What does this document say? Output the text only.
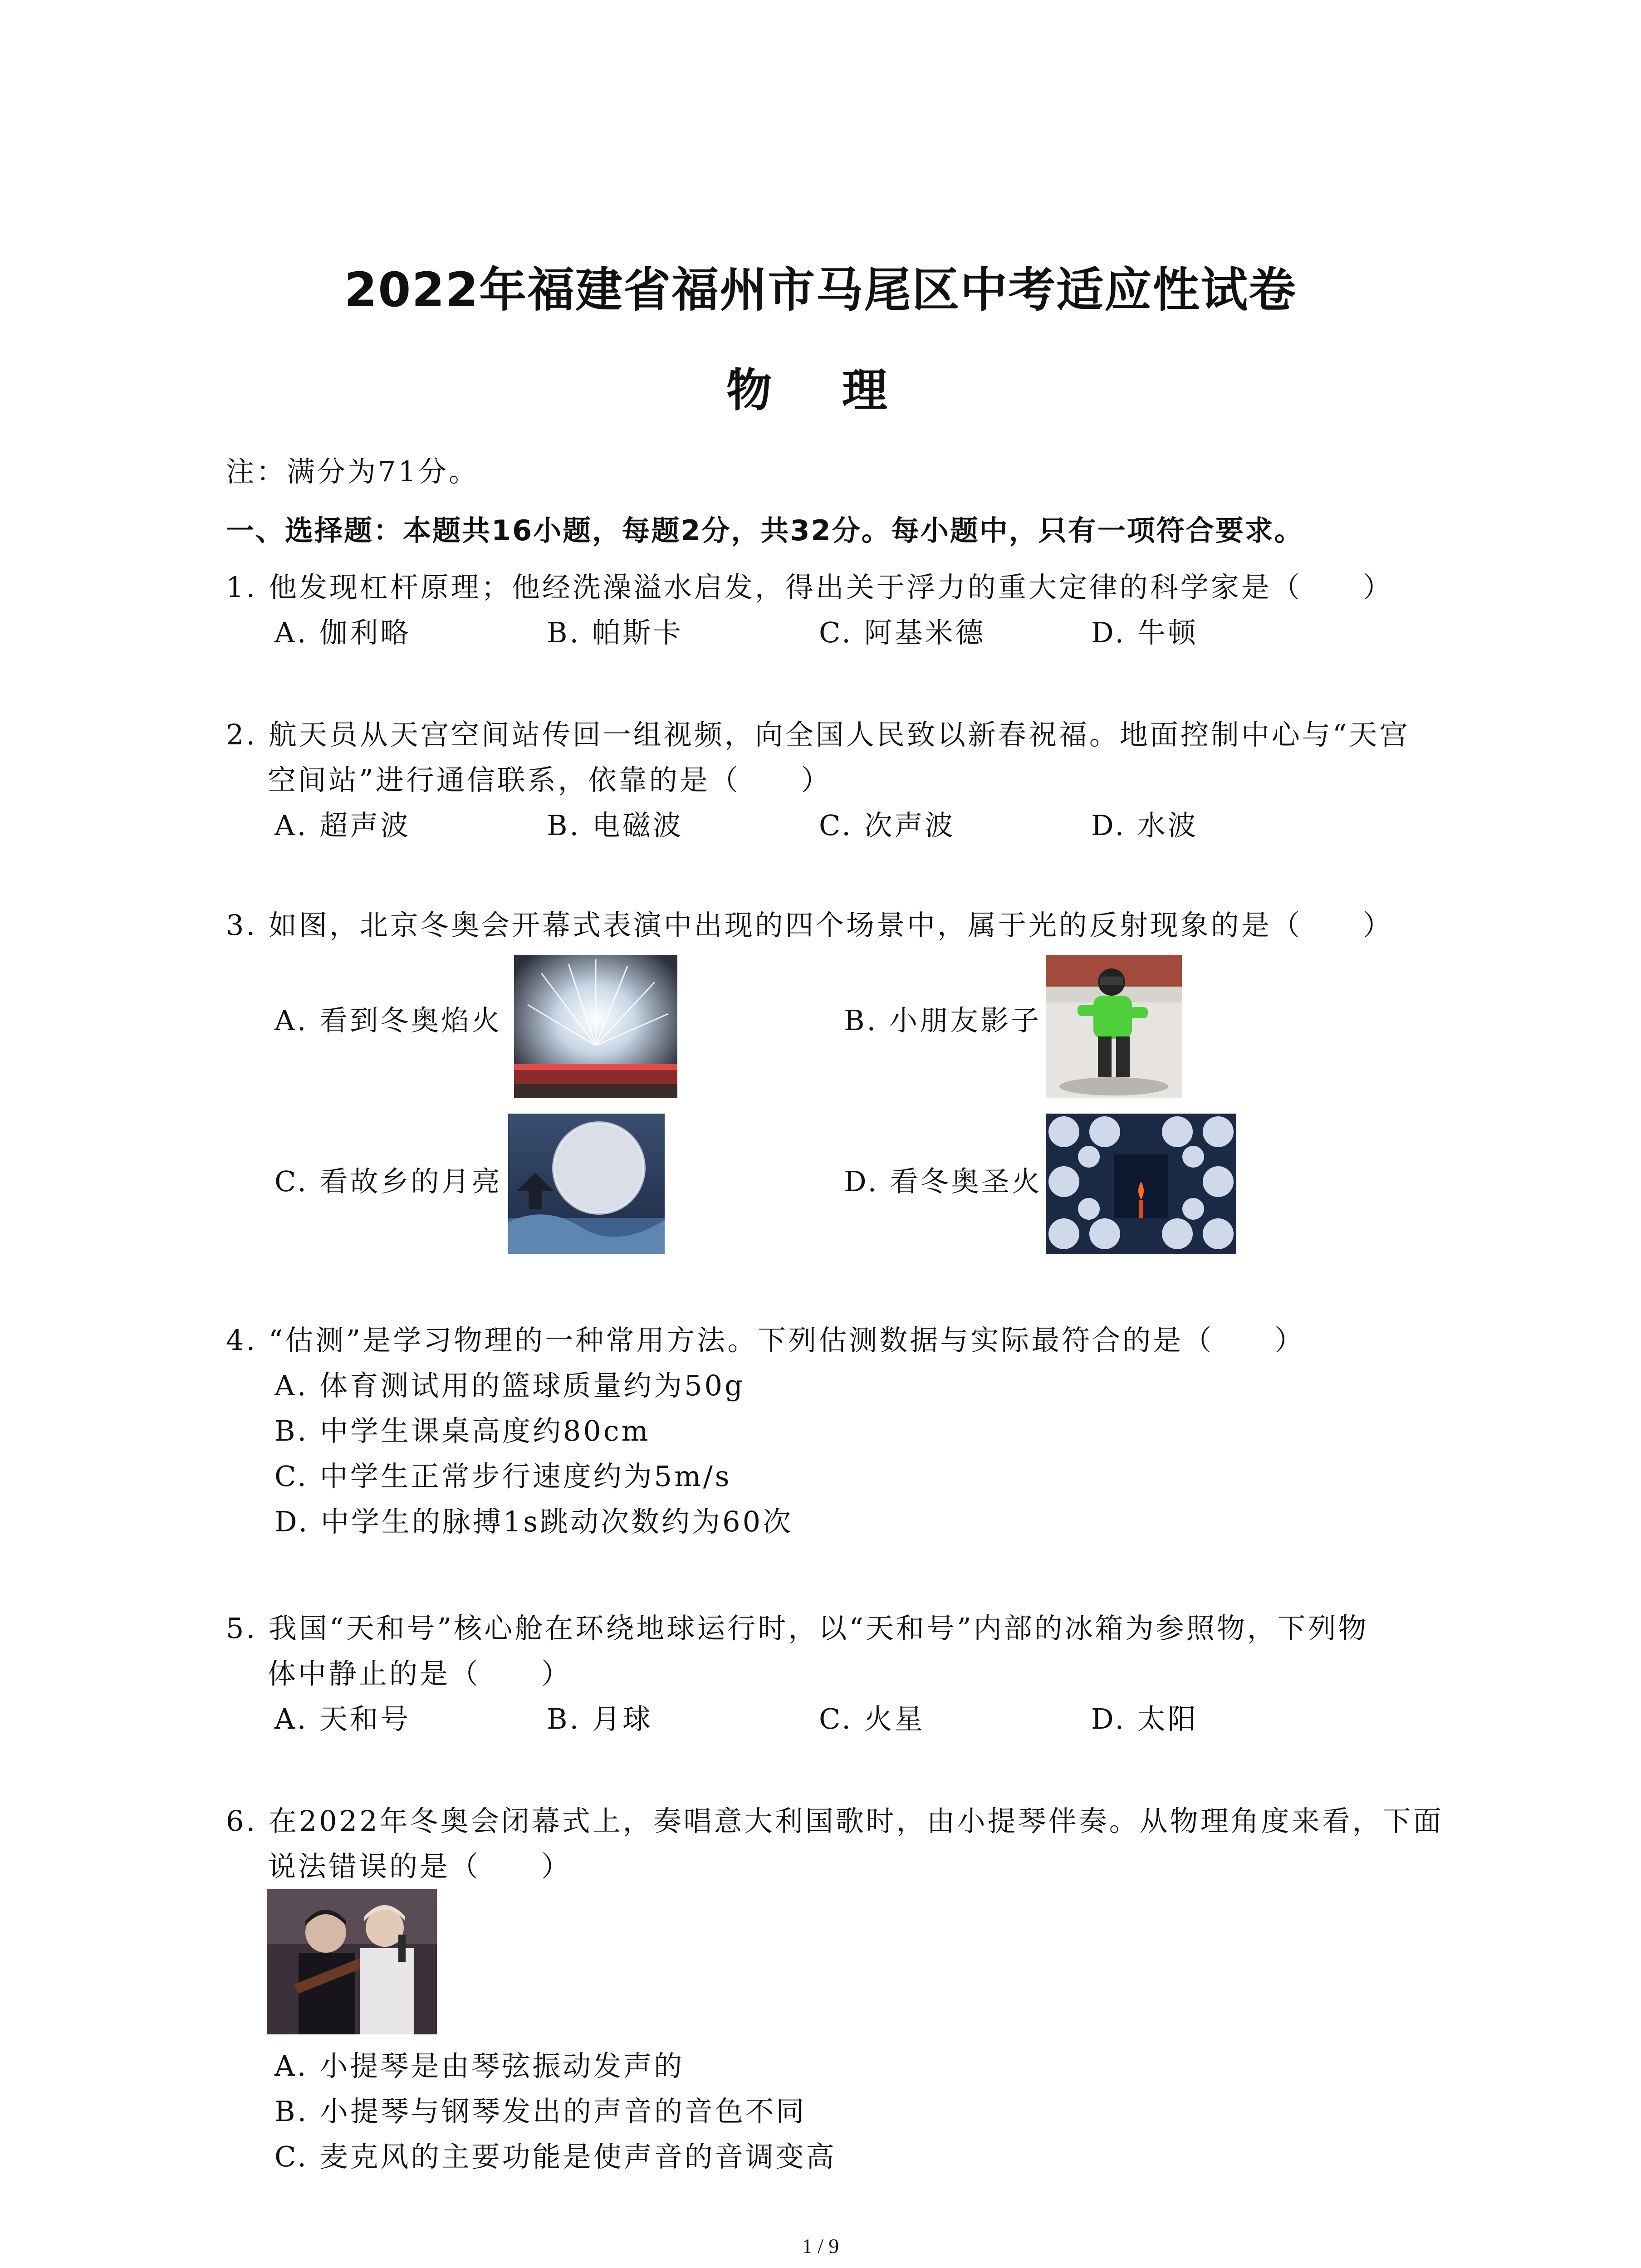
2022年福建省福州市马尾区中考适应性试卷
物 理
注：满分为71分。
一、选择题：本题共16小题，每题2分，共32分。每小题中，只有一项符合要求。
1. 他发现杠杆原理；他经洗澡溢水启发，得出关于浮力的重大定律的科学家是（　　）
A. 伽利略	B. 帕斯卡	C. 阿基米德	D. 牛顿
2. 航天员从天宫空间站传回一组视频，向全国人民致以新春祝福。地面控制中心与“天宫
空间站”进行通信联系，依靠的是（　　）
A. 超声波	B. 电磁波	C. 次声波	D. 水波
3. 如图，北京冬奥会开幕式表演中出现的四个场景中，属于光的反射现象的是（　　）
A. 看到冬奥焰火	B. 小朋友影子
C. 看故乡的月亮	D. 看冬奥圣火
4. “估测”是学习物理的一种常用方法。下列估测数据与实际最符合的是（　　）
A. 体育测试用的篮球质量约为50g
B. 中学生课桌高度约80cm
C. 中学生正常步行速度约为5m/s
D. 中学生的脉搏1s跳动次数约为60次
5. 我国“天和号”核心舱在环绕地球运行时，以“天和号”内部的冰箱为参照物，下列物
体中静止的是（　　）
A. 天和号	B. 月球	C. 火星	D. 太阳
6. 在2022年冬奥会闭幕式上，奏唱意大利国歌时，由小提琴伴奏。从物理角度来看，下面
说法错误的是（　　）
A. 小提琴是由琴弦振动发声的
B. 小提琴与钢琴发出的声音的音色不同
C. 麦克风的主要功能是使声音的音调变高
1 / 9
